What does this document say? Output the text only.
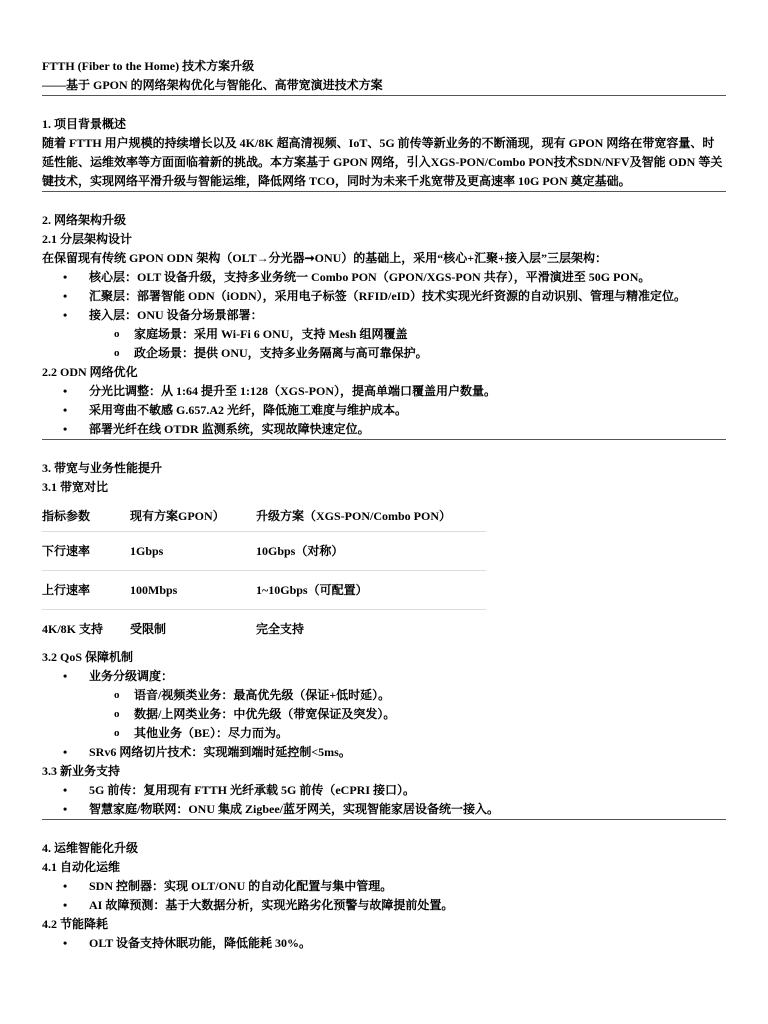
FTTH (Fiber to the Home) 技术方案升级
——基于 GPON 的网络架构优化与智能化、高带宽演进技术方案
1. 项目背景概述
随着 FTTH 用户规模的持续增长以及 4K/8K 超高清视频、IoT、5G 前传等新业务的不断涌现，现有 GPON 网络在带宽容量、时延性能、运维效率等方面面临着新的挑战。本方案基于 GPON 网络，引入XGS-PON/Combo PON技术SDN/NFV及智能 ODN 等关键技术，实现网络平滑升级与智能运维，降低网络 TCO，同时为未来千兆宽带及更高速率 10G PON 奠定基础。
2. 网络架构升级
2.1 分层架构设计
在保留现有传统 GPON ODN 架构（OLT→分光器➞ONU）的基础上，采用“核心+汇聚+接入层”三层架构：
• 核心层：OLT 设备升级，支持多业务统一 Combo PON（GPON/XGS-PON 共存），平滑演进至 50G PON。
• 汇聚层：部署智能 ODN（iODN），采用电子标签（RFID/eID）技术实现光纤资源的自动识别、管理与精准定位。
• 接入层：ONU 设备分场景部署：
o 家庭场景：采用 Wi-Fi 6 ONU，支持 Mesh 组网覆盖
o 政企场景：提供 ONU，支持多业务隔离与高可靠保护。
2.2 ODN 网络优化
• 分光比调整：从 1:64 提升至 1:128（XGS-PON），提高单端口覆盖用户数量。
• 采用弯曲不敏感 G.657.A2 光纤，降低施工难度与维护成本。
• 部署光纤在线 OTDR 监测系统，实现故障快速定位。
3. 带宽与业务性能提升
3.1 带宽对比
指标参数	现有方案GPON）	升级方案（XGS-PON/Combo PON）
下行速率	1Gbps	10Gbps（对称）
上行速率	100Mbps	1~10Gbps（可配置）
4K/8K 支持	受限制	完全支持
3.2 QoS 保障机制
• 业务分级调度：
o 语音/视频类业务：最高优先级（保证+低时延）。
o 数据/上网类业务：中优先级（带宽保证及突发）。
o 其他业务（BE）：尽力而为。
• SRv6 网络切片技术：实现端到端时延控制<5ms。
3.3 新业务支持
• 5G 前传：复用现有 FTTH 光纤承载 5G 前传（eCPRI 接口）。
• 智慧家庭/物联网：ONU 集成 Zigbee/蓝牙网关，实现智能家居设备统一接入。
4. 运维智能化升级
4.1 自动化运维
• SDN 控制器：实现 OLT/ONU 的自动化配置与集中管理。
• AI 故障预测：基于大数据分析，实现光路劣化预警与故障提前处置。
4.2 节能降耗
• OLT 设备支持休眠功能，降低能耗 30%。
